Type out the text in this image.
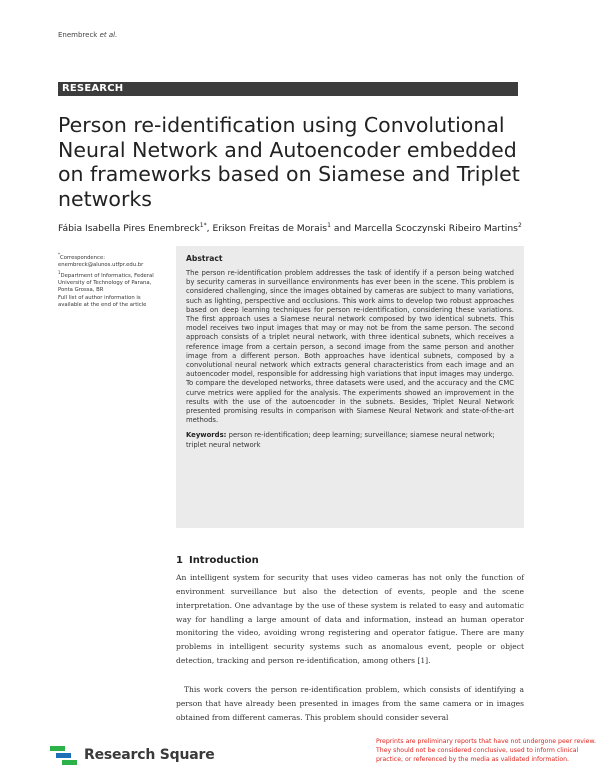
Enembreck et al.
RESEARCH
Person re-identification using Convolutional Neural Network and Autoencoder embedded on frameworks based on Siamese and Triplet networks
Fábia Isabella Pires Enembreck$^{1*}$, Erikson Freitas de Morais$^1$ and Marcella Scoczynski Ribeiro Martins$^2$

*Correspondence:

enembreck@alunos.utfpr.edu.br

$^1$Department of Informatics, Federal University of Technology of Parana, Ponta Grossa, BR

Full list of author information is available at the end of the article

Abstract

The person re-identification problem addresses the task of identify if a person being watched by security cameras in surveillance environments has ever been in the scene. This problem is considered challenging, since the images obtained by cameras are subject to many variations, such as lighting, perspective and occlusions. This work aims to develop two robust approaches based on deep learning techniques for person re-identification, considering these variations. The first approach uses a Siamese neural network composed by two identical subnets. This model receives two input images that may or may not be from the same person. The second approach consists of a triplet neural network, with three identical subnets, which receives a reference image from a certain person, a second image from the same person and another image from a different person. Both approaches have identical subnets, composed by a convolutional neural network which extracts general characteristics from each image and an autoencoder model, responsible for addressing high variations that input images may undergo. To compare the developed networks, three datasets were used, and the accuracy and the CMC curve metrics were applied for the analysis. The experiments showed an improvement in the results with the use of the autoencoder in the subnets. Besides, Triplet Neural Network presented promising results in comparison with Siamese Neural Network and state-of-the-art methods.

Keywords: person re-identification; deep learning; surveillance; siamese neural network; triplet neural network

1 Introduction

An intelligent system for security that uses video cameras has not only the function of environment surveillance but also the detection of events, people and the scene interpretation. One advantage by the use of these system is related to easy and automatic way for handling a large amount of data and information, instead an human operator monitoring the video, avoiding wrong registering and operator fatigue. There are many problems in intelligent security systems such as anomalous event, people or object detection, tracking and person re-identification, among others [1].

This work covers the person re-identification problem, which consists of identifying a person that have already been presented in images from the same camera or in images obtained from different cameras. This problem should consider several

Research Square

Preprints are preliminary reports that have not undergone peer review. They should not be considered conclusive, used to inform clinical practice, or referenced by the media as validated information.
